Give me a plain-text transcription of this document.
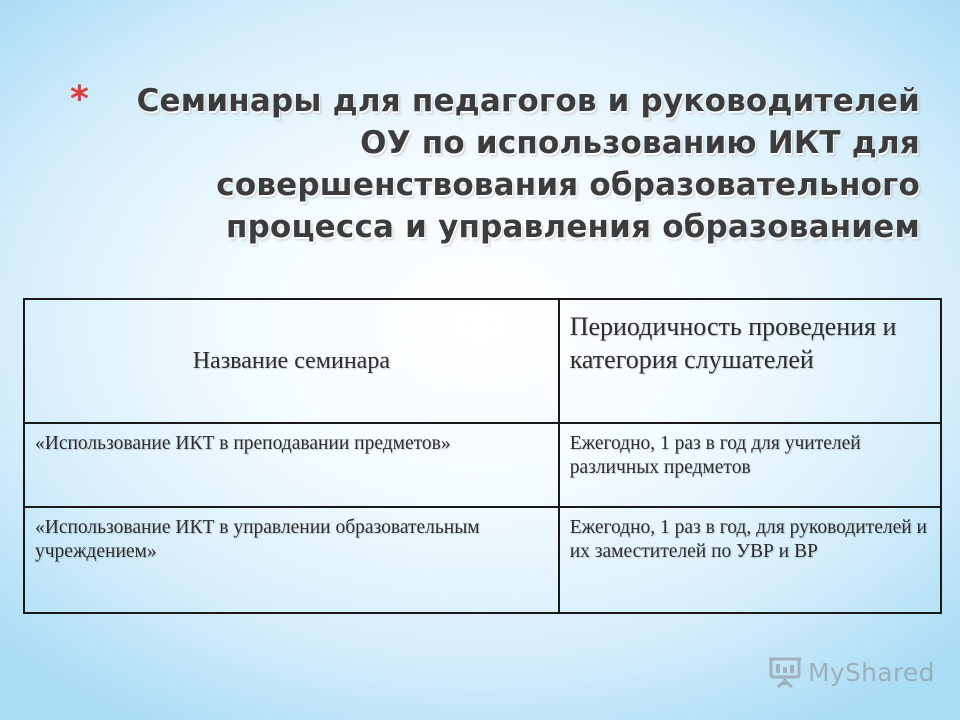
*	Семинары для педагогов и руководителей ОУ по использованию ИКТ для совершенствования образовательного процесса и управления образованием
Название семинара	Периодичность проведения и категория слушателей
«Использование ИКТ в преподавании предметов»	Ежегодно, 1 раз в год для учителей различных предметов
«Использование ИКТ в управлении образовательным учреждением»	Ежегодно, 1 раз в год, для руководителей и их заместителей по УВР и ВР
MyShared
